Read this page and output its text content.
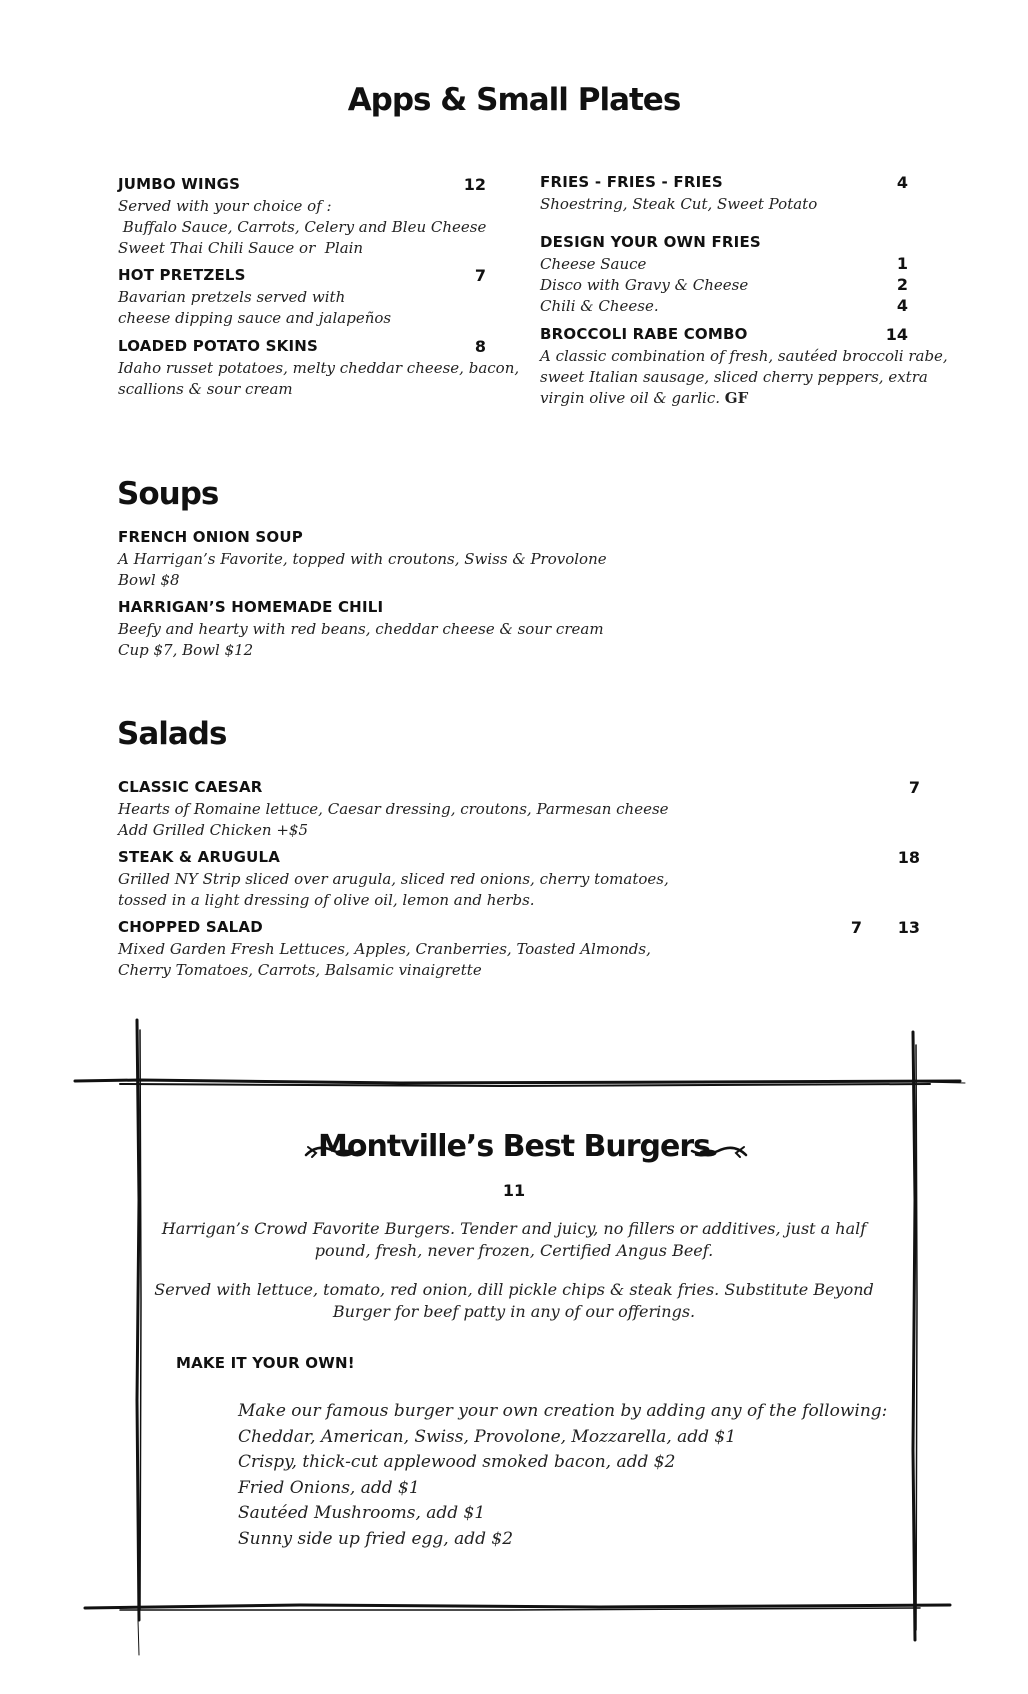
Apps & Small Plates
JUMBO WINGS	12
Served with your choice of :
Buffalo Sauce, Carrots, Celery and Bleu Cheese
Sweet Thai Chili Sauce or  Plain
HOT PRETZELS	7
Bavarian pretzels served with
cheese dipping sauce and jalapeños
LOADED POTATO SKINS	8
Idaho russet potatoes, melty cheddar cheese, bacon,
scallions & sour cream
FRIES - FRIES - FRIES	4
Shoestring, Steak Cut, Sweet Potato
DESIGN YOUR OWN FRIES
Cheese Sauce	1
Disco with Gravy & Cheese	2
Chili & Cheese.	4
BROCCOLI RABE COMBO	14
A classic combination of fresh, sautéed broccoli rabe,
sweet Italian sausage, sliced cherry peppers, extra
virgin olive oil & garlic. GF
Soups
FRENCH ONION SOUP
A Harrigan’s Favorite, topped with croutons, Swiss & Provolone
Bowl $8
HARRIGAN’S HOMEMADE CHILI
Beefy and hearty with red beans, cheddar cheese & sour cream
Cup $7, Bowl $12
Salads
CLASSIC CAESAR	7
Hearts of Romaine lettuce, Caesar dressing, croutons, Parmesan cheese
Add Grilled Chicken +$5
STEAK & ARUGULA	18
Grilled NY Strip sliced over arugula, sliced red onions, cherry tomatoes,
tossed in a light dressing of olive oil, lemon and herbs.
CHOPPED SALAD	7	13
Mixed Garden Fresh Lettuces, Apples, Cranberries, Toasted Almonds,
Cherry Tomatoes, Carrots, Balsamic vinaigrette
Montville’s Best Burgers
11
Harrigan’s Crowd Favorite Burgers. Tender and juicy, no fillers or additives, just a half
pound, fresh, never frozen, Certified Angus Beef.
Served with lettuce, tomato, red onion, dill pickle chips & steak fries. Substitute Beyond
Burger for beef patty in any of our offerings.
MAKE IT YOUR OWN!
Make our famous burger your own creation by adding any of the following:
Cheddar, American, Swiss, Provolone, Mozzarella, add $1
Crispy, thick-cut applewood smoked bacon, add $2
Fried Onions, add $1
Sautéed Mushrooms, add $1
Sunny side up fried egg, add $2
